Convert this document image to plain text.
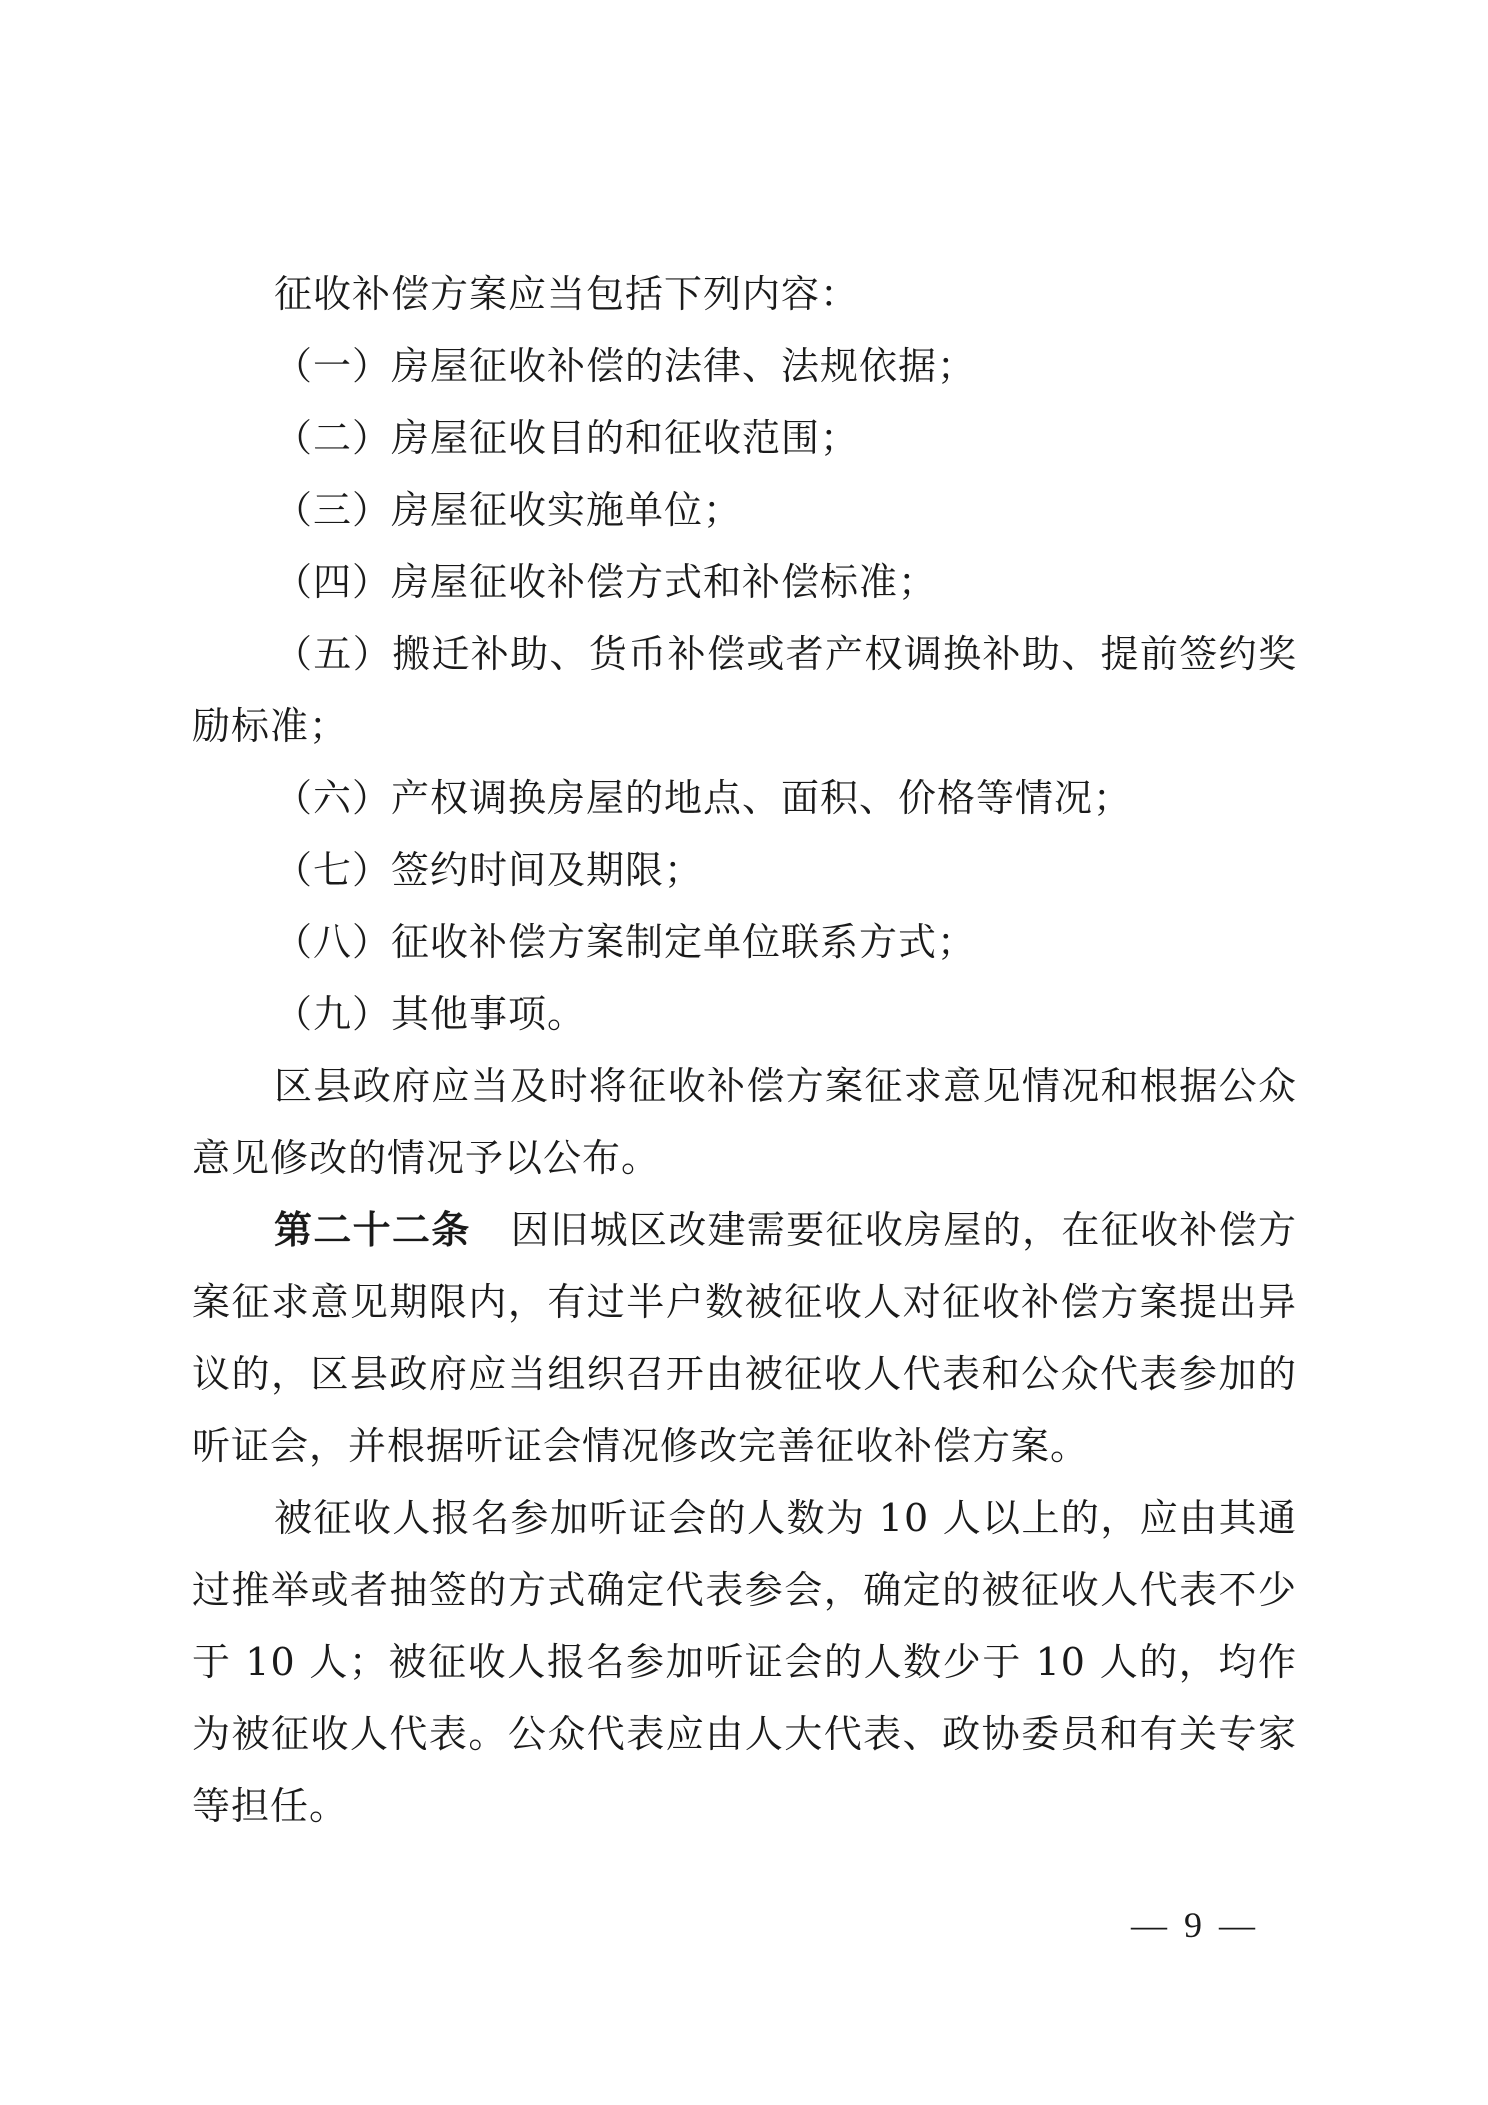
征收补偿方案应当包括下列内容：

（一）房屋征收补偿的法律、法规依据；

（二）房屋征收目的和征收范围；

（三）房屋征收实施单位；

（四）房屋征收补偿方式和补偿标准；

（五）搬迁补助、货币补偿或者产权调换补助、提前签约奖励标准；

（六）产权调换房屋的地点、面积、价格等情况；

（七）签约时间及期限；

（八）征收补偿方案制定单位联系方式；

（九）其他事项。

区县政府应当及时将征收补偿方案征求意见情况和根据公众意见修改的情况予以公布。

第二十二条 因旧城区改建需要征收房屋的，在征收补偿方案征求意见期限内，有过半户数被征收人对征收补偿方案提出异议的，区县政府应当组织召开由被征收人代表和公众代表参加的听证会，并根据听证会情况修改完善征收补偿方案。

被征收人报名参加听证会的人数为 10 人以上的，应由其通过推举或者抽签的方式确定代表参会，确定的被征收人代表不少于 10 人；被征收人报名参加听证会的人数少于 10 人的，均作为被征收人代表。公众代表应由人大代表、政协委员和有关专家等担任。

— 9 —
